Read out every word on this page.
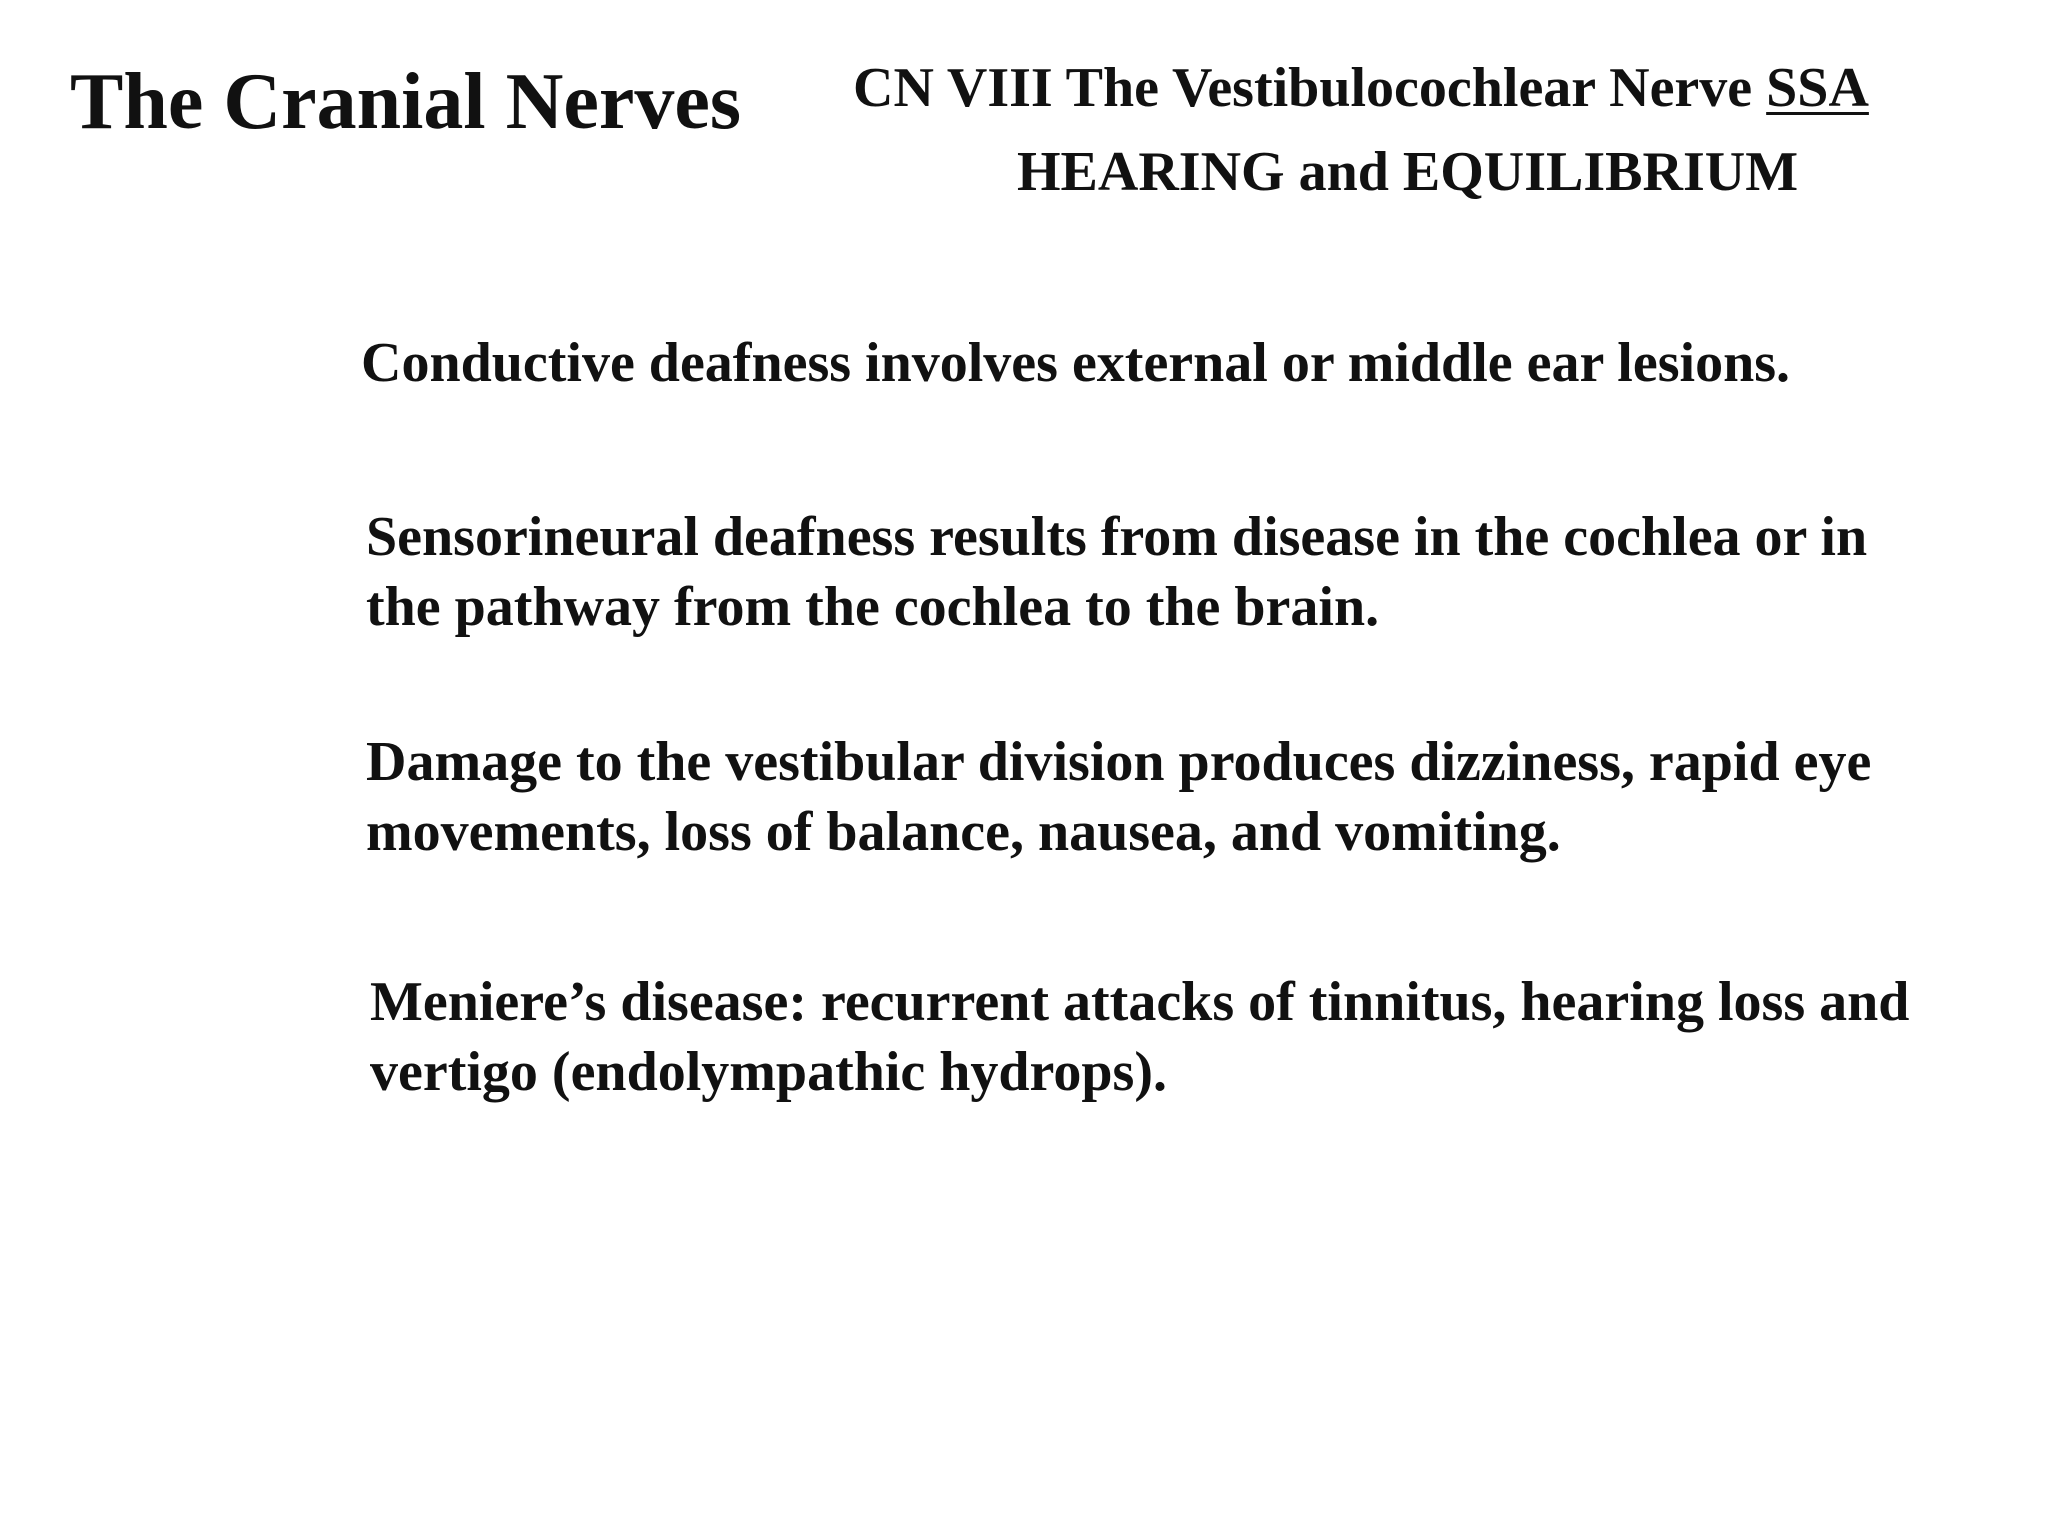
The Cranial Nerves CN VIII The Vestibulocochlear Nerve SSA
HEARING and EQUILIBRIUM
Conductive deafness involves external or middle ear lesions.
Sensorineural deafness results from disease in the cochlea or in
the pathway from the cochlea to the brain.
Damage to the vestibular division produces dizziness, rapid eye
movements, loss of balance, nausea, and vomiting.
Meniere’s disease: recurrent attacks of tinnitus, hearing loss and
vertigo (endolympathic hydrops).
